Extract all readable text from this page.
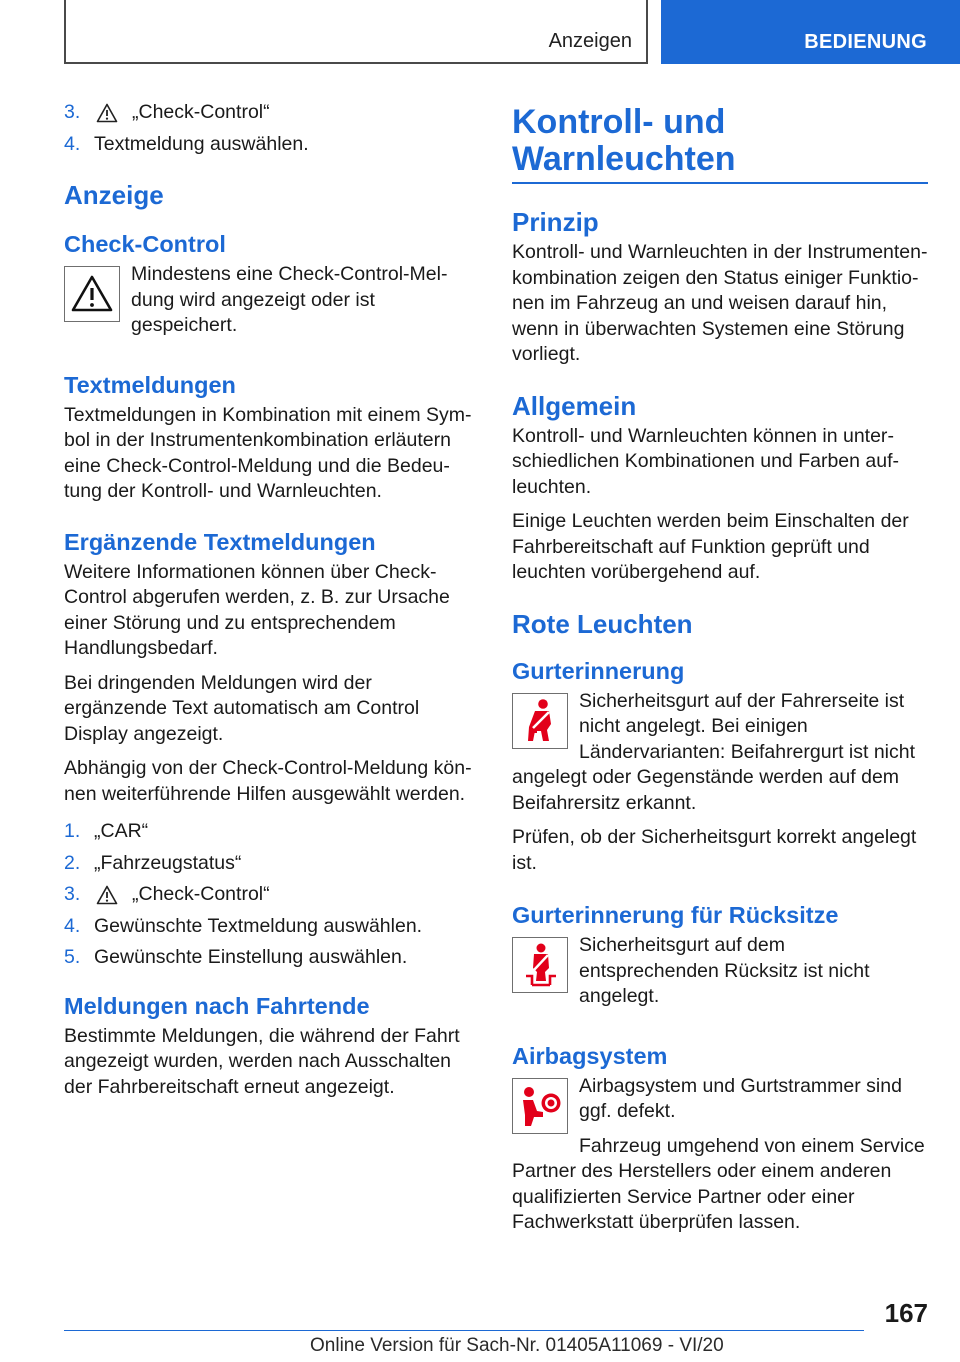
Anzeigen	BEDIENUNG
3.	„Check-Control“
4. Textmeldung auswählen.
Anzeige
Check-Control

Mindestens eine Check-Control-Meldung wird angezeigt oder ist gespeichert.

Textmeldungen

Textmeldungen in Kombination mit einem Symbol in der Instrumentenkombination erläutern eine Check-Control-Meldung und die Bedeutung der Kontroll- und Warnleuchten.

Ergänzende Textmeldungen

Weitere Informationen können über Check-Control abgerufen werden, z. B. zur Ursache einer Störung und zu entsprechendem Handlungsbedarf.

Bei dringenden Meldungen wird der ergänzende Text automatisch am Control Display angezeigt.

Abhängig von der Check-Control-Meldung können weiterführende Hilfen ausgewählt werden.

1. „CAR“
2. „Fahrzeugstatus“
3.	„Check-Control“
4. Gewünschte Textmeldung auswählen.
5. Gewünschte Einstellung auswählen.
Meldungen nach Fahrtende

Bestimmte Meldungen, die während der Fahrt angezeigt wurden, werden nach Ausschalten der Fahrbereitschaft erneut angezeigt.

Kontroll- und Warnleuchten
Prinzip

Kontroll- und Warnleuchten in der Instrumentenkombination zeigen den Status einiger Funktionen im Fahrzeug an und weisen darauf hin, wenn in überwachten Systemen eine Störung vorliegt.

Allgemein

Kontroll- und Warnleuchten können in unterschiedlichen Kombinationen und Farben aufleuchten.

Einige Leuchten werden beim Einschalten der Fahrbereitschaft auf Funktion geprüft und leuchten vorübergehend auf.

Rote Leuchten
Gurterinnerung

Sicherheitsgurt auf der Fahrerseite ist nicht angelegt. Bei einigen Ländervarianten: Beifahrergurt ist nicht angelegt oder Gegenstände werden auf dem Beifahrersitz erkannt.

Prüfen, ob der Sicherheitsgurt korrekt angelegt ist.

Gurterinnerung für Rücksitze

Sicherheitsgurt auf dem entsprechenden Rücksitz ist nicht angelegt.

Airbagsystem

Airbagsystem und Gurtstrammer sind ggf. defekt.

Fahrzeug umgehend von einem Service Partner des Herstellers oder einem anderen qualifizierten Service Partner oder einer Fachwerkstatt überprüfen lassen.

167
Online Version für Sach-Nr. 01405A11069 - VI/20
